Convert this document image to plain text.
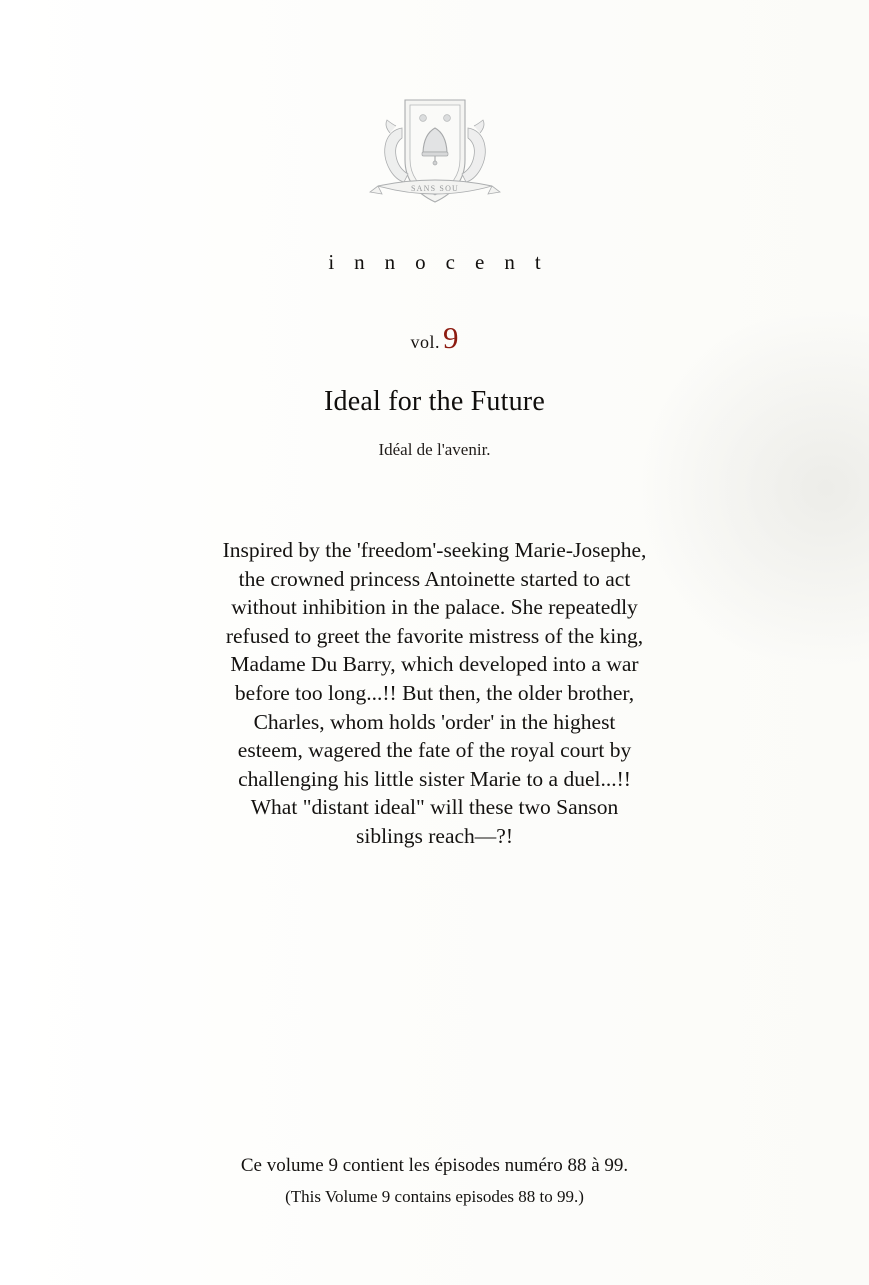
SANS SOU
innocent
vol.9
Ideal for the Future
Idéal de l'avenir.

Inspired by the 'freedom'-seeking Marie-Josephe, the crowned princess Antoinette started to act without inhibition in the palace. She repeatedly refused to greet the favorite mistress of the king, Madame Du Barry, which developed into a war before too long...!! But then, the older brother, Charles, whom holds 'order' in the highest esteem, wagered the fate of the royal court by challenging his little sister Marie to a duel...!! What "distant ideal" will these two Sanson siblings reach—?!

Ce volume 9 contient les épisodes numéro 88 à 99.
(This Volume 9 contains episodes 88 to 99.)
